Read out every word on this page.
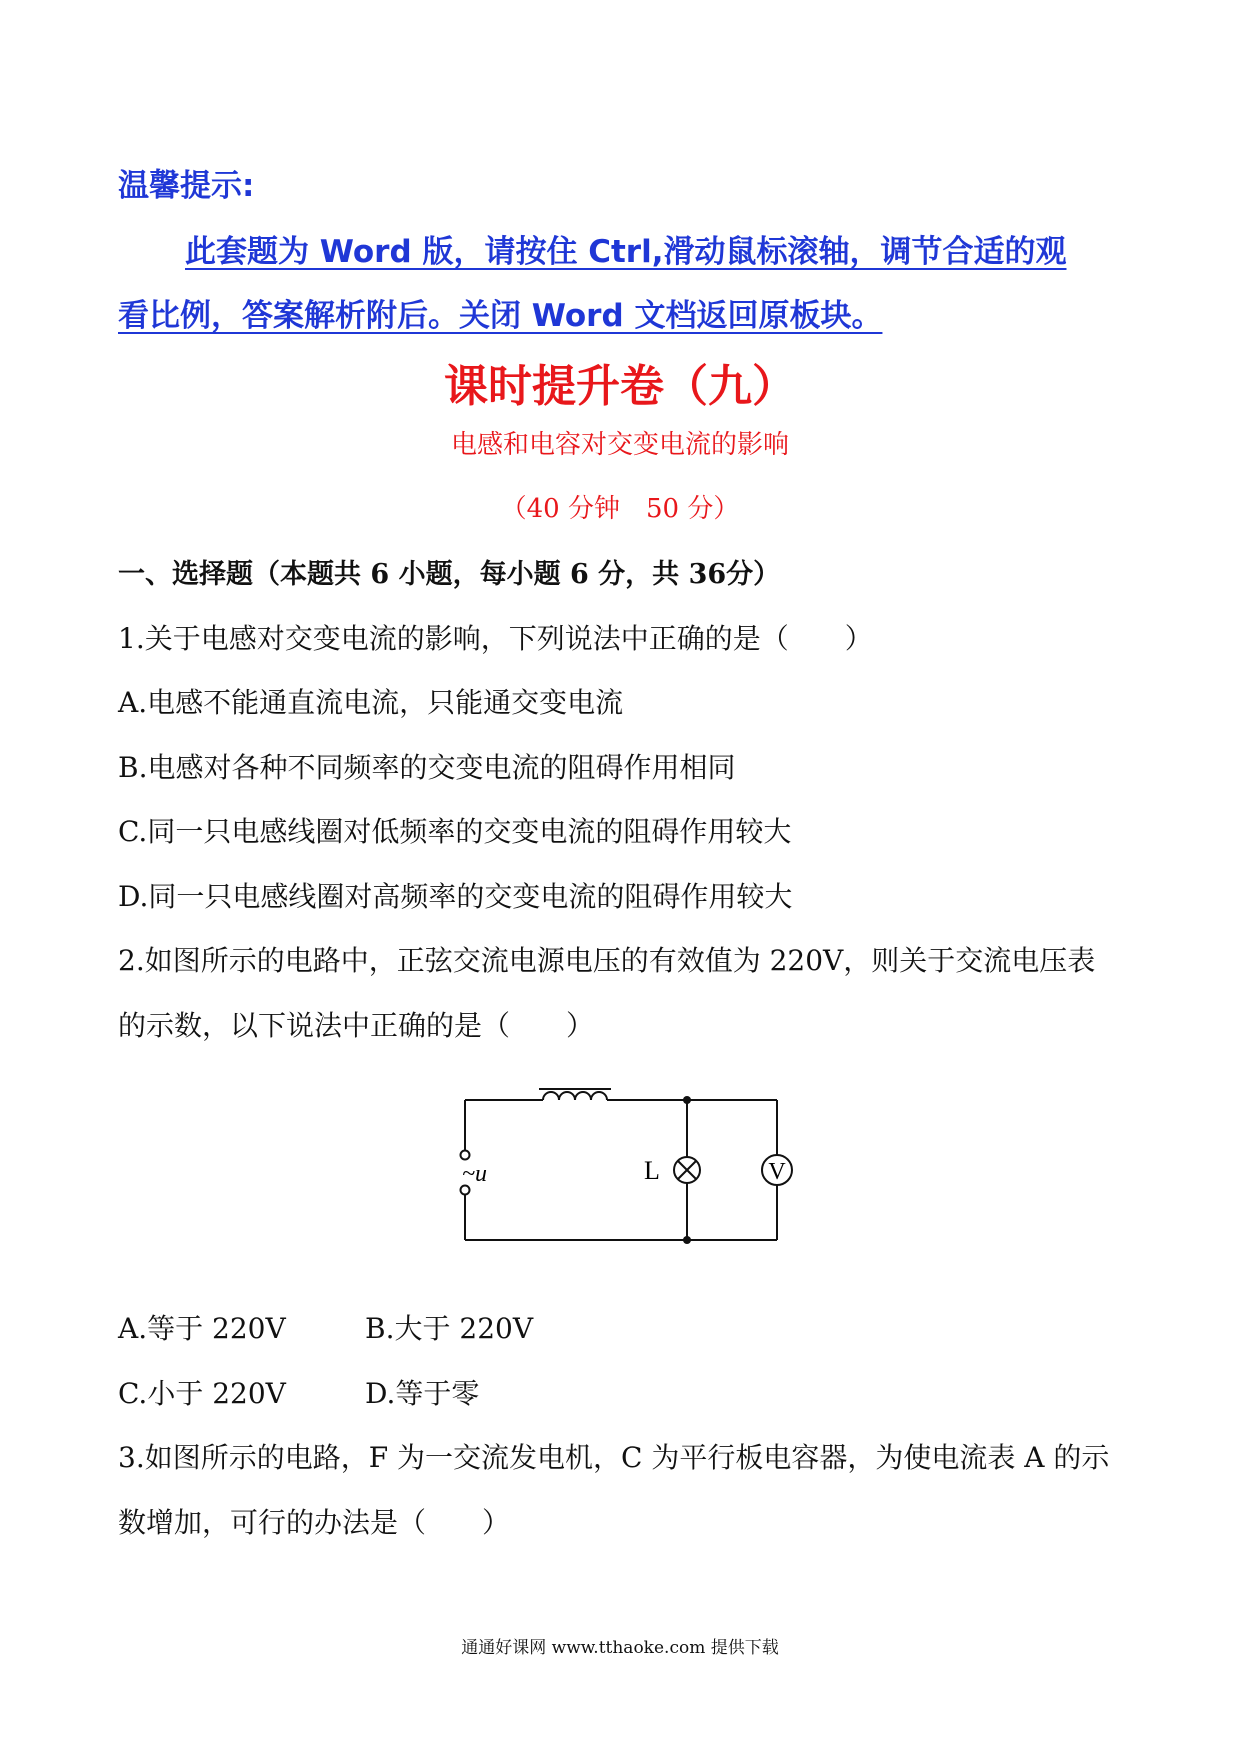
温馨提示:
此套题为 Word 版，请按住 Ctrl,滑动鼠标滚轴，调节合适的观
看比例，答案解析附后。关闭 Word 文档返回原板块。
课时提升卷（九）
电感和电容对交变电流的影响
（40 分钟　50 分）
一、选择题（本题共 6 小题，每小题 6 分，共 36分）
1.关于电感对交变电流的影响，下列说法中正确的是（　　）
A.电感不能通直流电流，只能通交变电流
B.电感对各种不同频率的交变电流的阻碍作用相同
C.同一只电感线圈对低频率的交变电流的阻碍作用较大
D.同一只电感线圈对高频率的交变电流的阻碍作用较大
2.如图所示的电路中，正弦交流电源电压的有效值为 220V，则关于交流电压表
的示数，以下说法中正确的是（　　）
V
L
~u
A.等于 220V	B.大于 220V
C.小于 220V	D.等于零
3.如图所示的电路，F 为一交流发电机，C 为平行板电容器，为使电流表 A 的示
数增加，可行的办法是（　　）
通通好课网 www.tthaoke.com 提供下载
